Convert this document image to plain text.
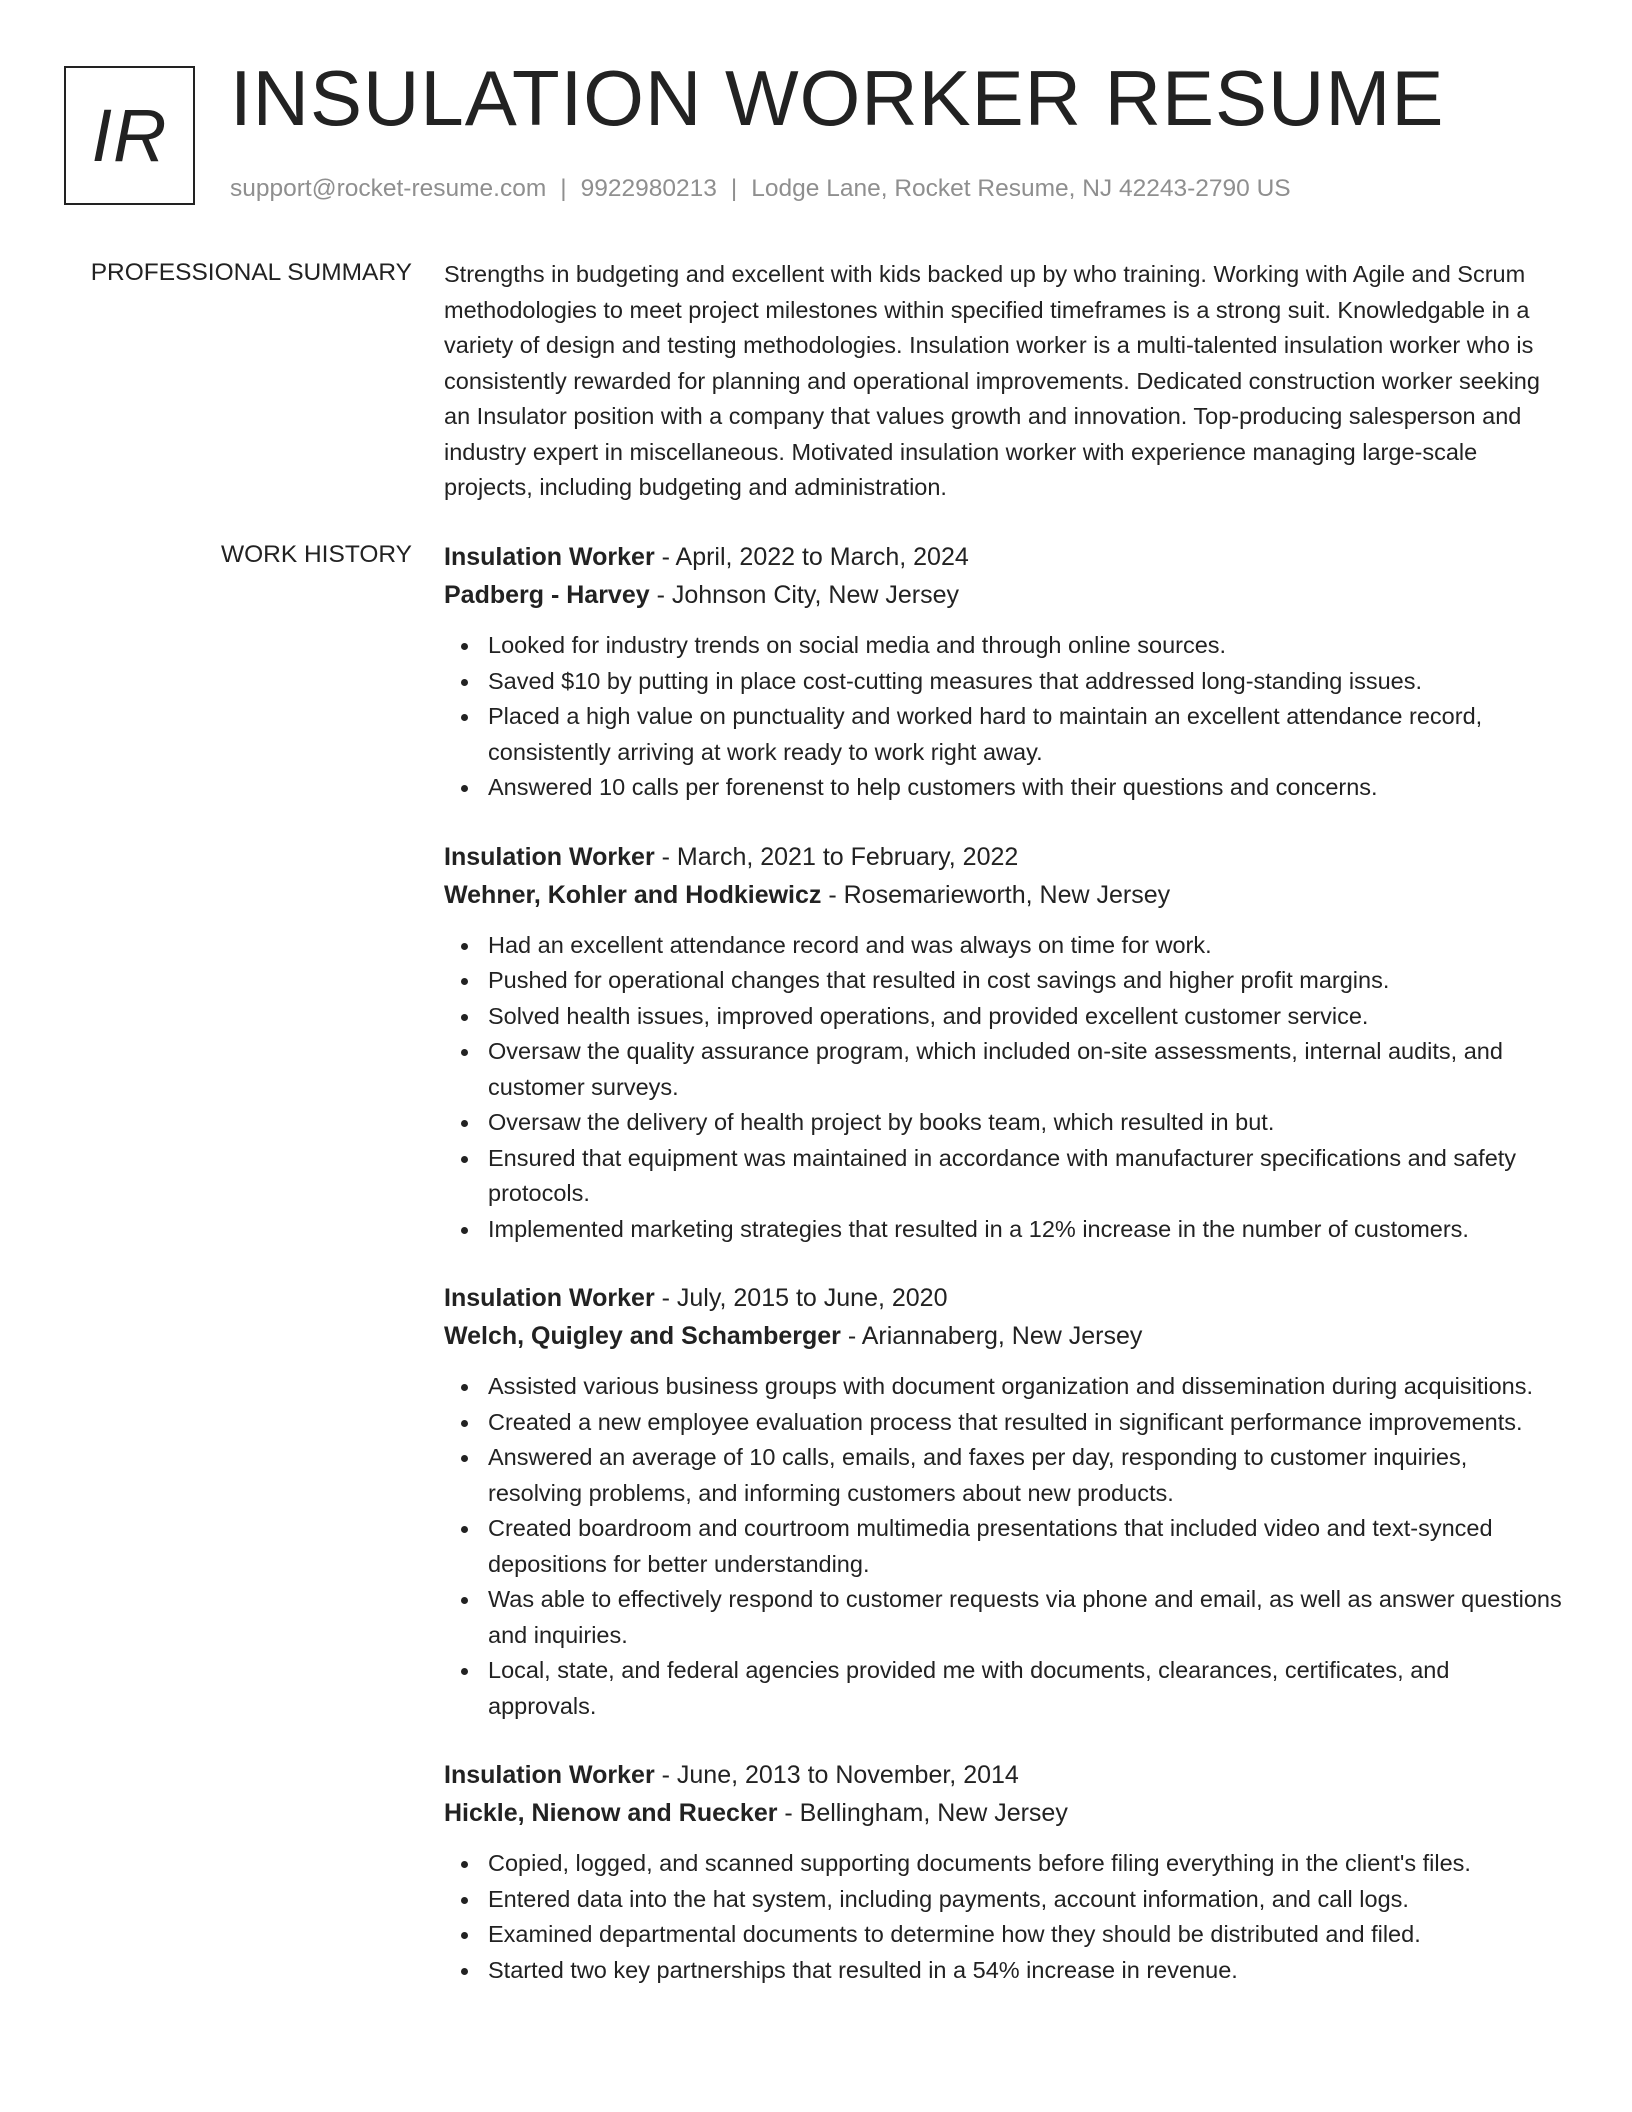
IR INSULATION WORKER RESUME
support@rocket-resume.com | 9922980213 | Lodge Lane, Rocket Resume, NJ 42243-2790 US
PROFESSIONAL SUMMARY Strengths in budgeting and excellent with kids backed up by who training. Working with Agile and Scrum methodologies to meet project milestones within specified timeframes is a strong suit. Knowledgable in a variety of design and testing methodologies. Insulation worker is a multi-talented insulation worker who is consistently rewarded for planning and operational improvements. Dedicated construction worker seeking an Insulator position with a company that values growth and innovation. Top-producing salesperson and industry expert in miscellaneous. Motivated insulation worker with experience managing large-scale projects, including budgeting and administration.

WORK HISTORY Insulation Worker - April, 2022 to March, 2024
Padberg - Harvey - Johnson City, New Jersey
Looked for industry trends on social media and through online sources.
Saved $10 by putting in place cost-cutting measures that addressed long-standing issues.
Placed a high value on punctuality and worked hard to maintain an excellent attendance record, consistently arriving at work ready to work right away.
Answered 10 calls per forenenst to help customers with their questions and concerns.
Insulation Worker - March, 2021 to February, 2022
Wehner, Kohler and Hodkiewicz - Rosemarieworth, New Jersey
Had an excellent attendance record and was always on time for work.
Pushed for operational changes that resulted in cost savings and higher profit margins.
Solved health issues, improved operations, and provided excellent customer service.
Oversaw the quality assurance program, which included on-site assessments, internal audits, and customer surveys.
Oversaw the delivery of health project by books team, which resulted in but.
Ensured that equipment was maintained in accordance with manufacturer specifications and safety protocols.
Implemented marketing strategies that resulted in a 12% increase in the number of customers.
Insulation Worker - July, 2015 to June, 2020
Welch, Quigley and Schamberger - Ariannaberg, New Jersey
Assisted various business groups with document organization and dissemination during acquisitions.
Created a new employee evaluation process that resulted in significant performance improvements.
Answered an average of 10 calls, emails, and faxes per day, responding to customer inquiries, resolving problems, and informing customers about new products.
Created boardroom and courtroom multimedia presentations that included video and text-synced depositions for better understanding.
Was able to effectively respond to customer requests via phone and email, as well as answer questions and inquiries.
Local, state, and federal agencies provided me with documents, clearances, certificates, and approvals.
Insulation Worker - June, 2013 to November, 2014
Hickle, Nienow and Ruecker - Bellingham, New Jersey
Copied, logged, and scanned supporting documents before filing everything in the client's files.
Entered data into the hat system, including payments, account information, and call logs.
Examined departmental documents to determine how they should be distributed and filed.
Started two key partnerships that resulted in a 54% increase in revenue.
